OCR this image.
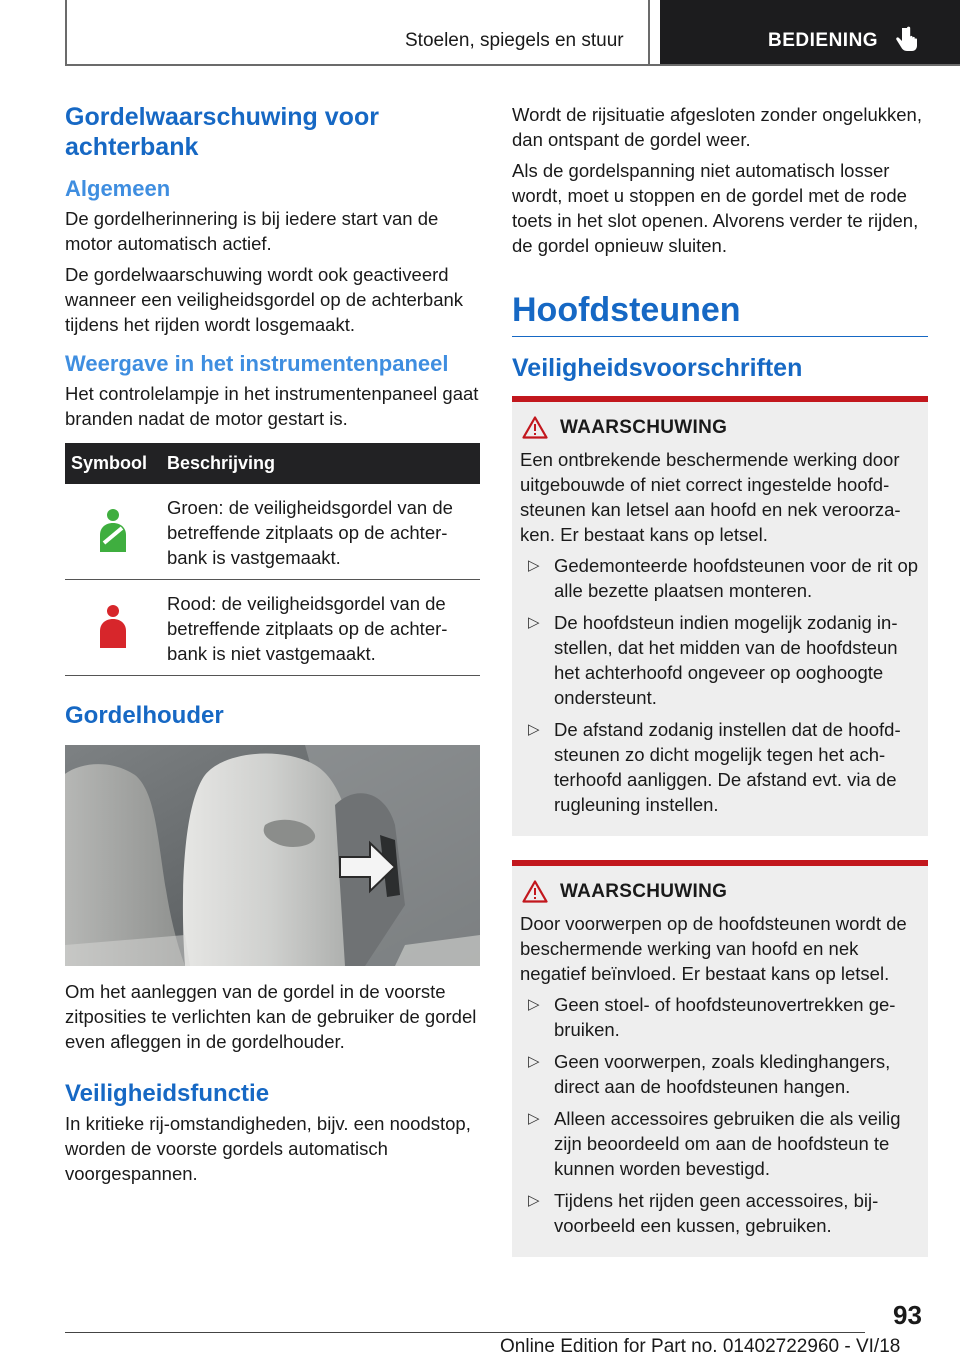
Stoelen, spiegels en stuur	BEDIENING
Gordelwaarschuwing voor achterbank
Algemeen

De gordelherinnering is bij iedere start van de motor automatisch actief.

De gordelwaarschuwing wordt ook geactiveerd wanneer een veiligheidsgordel op de achterbank tijdens het rijden wordt losgemaakt.

Weergave in het instrumentenpaneel

Het controlelampje in het instrumentenpaneel gaat branden nadat de motor gestart is.

Symbool	Beschrijving
	Groen: de veiligheidsgordel van de betreffende zitplaats op de achterbank is vastgemaakt.
	Rood: de veiligheidsgordel van de betreffende zitplaats op de achterbank is niet vastgemaakt.
Gordelhouder

Om het aanleggen van de gordel in de voorste zitposities te verlichten kan de gebruiker de gordel even afleggen in de gordelhouder.

Veiligheidsfunctie

In kritieke rij-omstandigheden, bijv. een noodstop, worden de voorste gordels automatisch voorgespannen.

Wordt de rijsituatie afgesloten zonder ongelukken, dan ontspant de gordel weer.

Als de gordelspanning niet automatisch losser wordt, moet u stoppen en de gordel met de rode toets in het slot openen. Alvorens verder te rijden, de gordel opnieuw sluiten.

Hoofdsteunen
Veiligheidsvoorschriften
WAARSCHUWING

Een ontbrekende beschermende werking door uitgebouwde of niet correct ingestelde hoofdsteunen kan letsel aan hoofd en nek veroorzaken. Er bestaat kans op letsel.

▷ Gedemonteerde hoofdsteunen voor de rit op alle bezette plaatsen monteren.
▷ De hoofdsteun indien mogelijk zodanig instellen, dat het midden van de hoofdsteun het achterhoofd ongeveer op ooghoogte ondersteunt.
▷ De afstand zodanig instellen dat de hoofdsteunen zo dicht mogelijk tegen het achterhoofd aanliggen. De afstand evt. via de rugleuning instellen.
WAARSCHUWING

Door voorwerpen op de hoofdsteunen wordt de beschermende werking van hoofd en nek negatief beïnvloed. Er bestaat kans op letsel.

▷ Geen stoel- of hoofdsteunovertrekken gebruiken.
▷ Geen voorwerpen, zoals kledinghangers, direct aan de hoofdsteunen hangen.
▷ Alleen accessoires gebruiken die als veilig zijn beoordeeld om aan de hoofdsteun te kunnen worden bevestigd.
▷ Tijdens het rijden geen accessoires, bijvoorbeeld een kussen, gebruiken.
93
Online Edition for Part no. 01402722960 - VI/18
